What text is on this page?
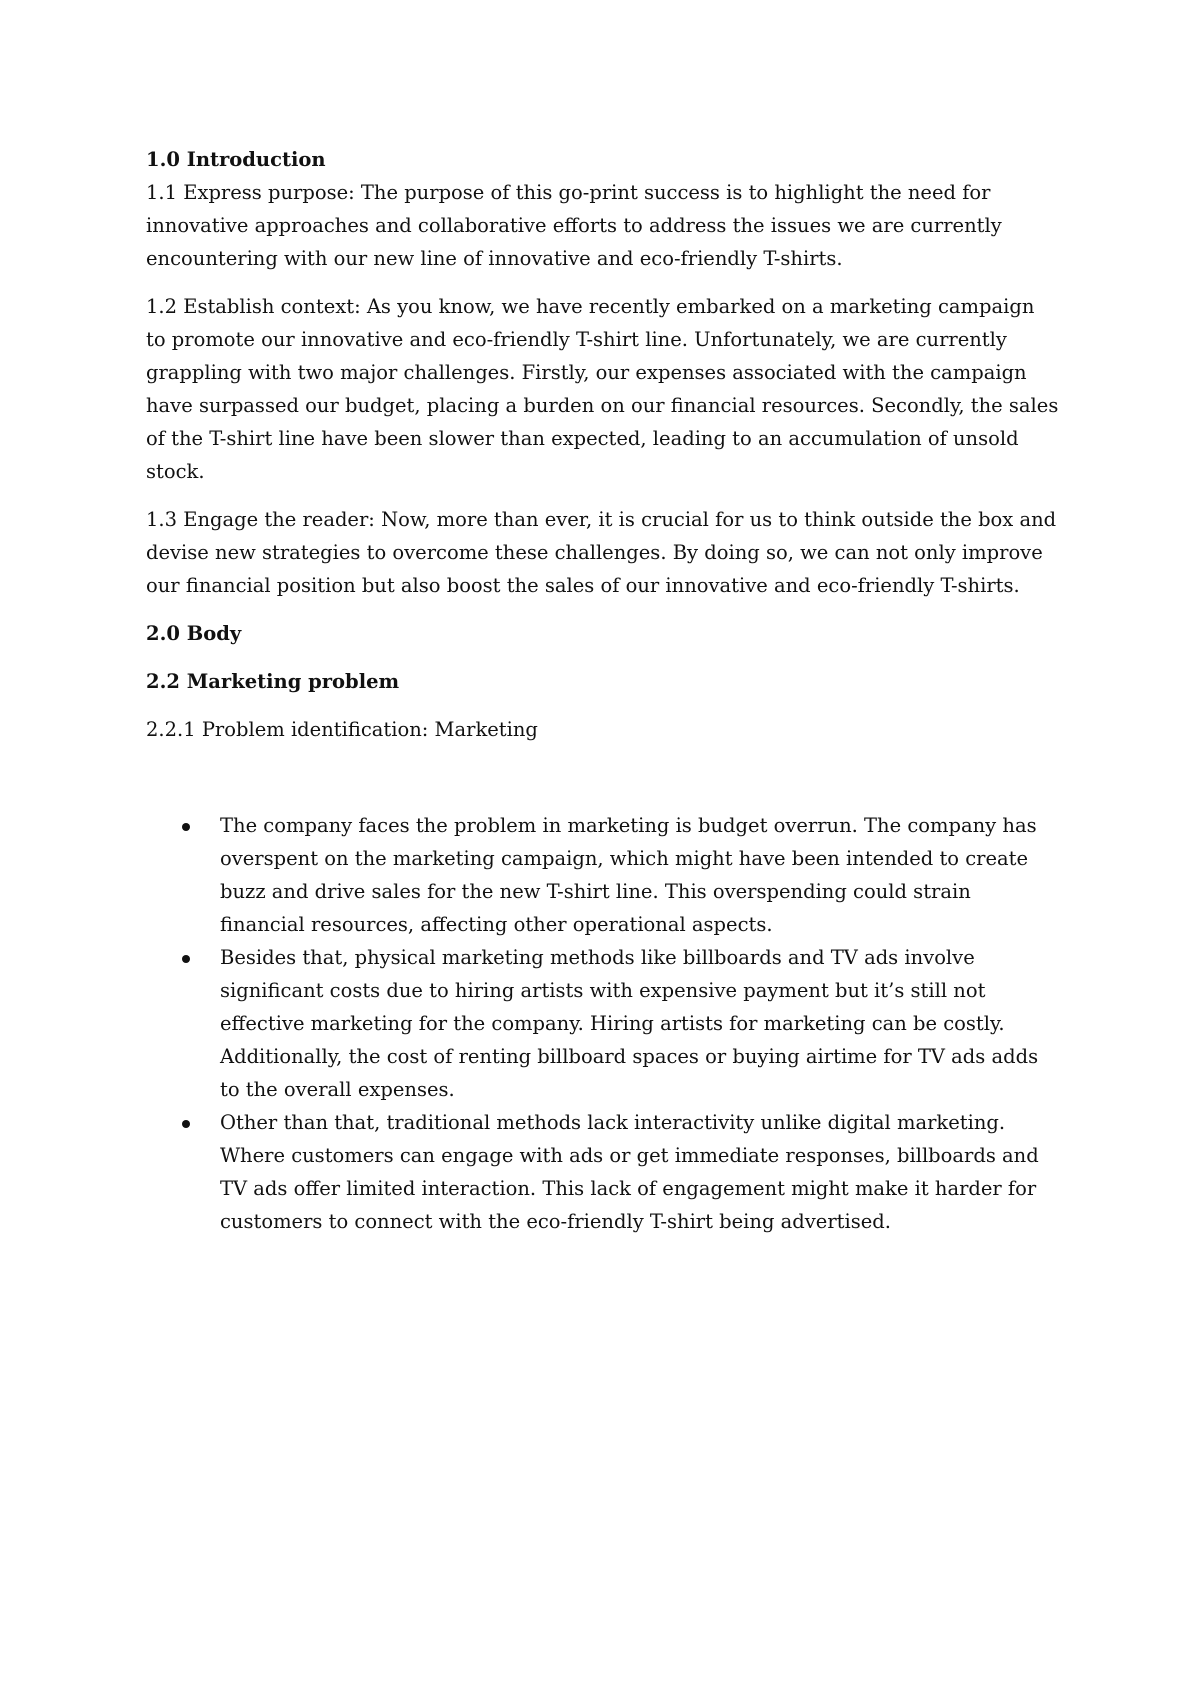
1.0 Introduction

1.1 Express purpose: The purpose of this go-print success is to highlight the need for innovative approaches and collaborative efforts to address the issues we are currently encountering with our new line of innovative and eco-friendly T-shirts.

1.2 Establish context: As you know, we have recently embarked on a marketing campaign to promote our innovative and eco-friendly T-shirt line. Unfortunately, we are currently grappling with two major challenges. Firstly, our expenses associated with the campaign have surpassed our budget, placing a burden on our financial resources. Secondly, the sales of the T-shirt line have been slower than expected, leading to an accumulation of unsold stock.

1.3 Engage the reader: Now, more than ever, it is crucial for us to think outside the box and devise new strategies to overcome these challenges. By doing so, we can not only improve our financial position but also boost the sales of our innovative and eco-friendly T-shirts.

2.0 Body

2.2 Marketing problem

2.2.1 Problem identification: Marketing

The company faces the problem in marketing is budget overrun. The company has overspent on the marketing campaign, which might have been intended to create buzz and drive sales for the new T-shirt line. This overspending could strain financial resources, affecting other operational aspects.
Besides that, physical marketing methods like billboards and TV ads involve significant costs due to hiring artists with expensive payment but it’s still not effective marketing for the company. Hiring artists for marketing can be costly. Additionally, the cost of renting billboard spaces or buying airtime for TV ads adds to the overall expenses.
Other than that, traditional methods lack interactivity unlike digital marketing. Where customers can engage with ads or get immediate responses, billboards and TV ads offer limited interaction. This lack of engagement might make it harder for customers to connect with the eco-friendly T-shirt being advertised.
